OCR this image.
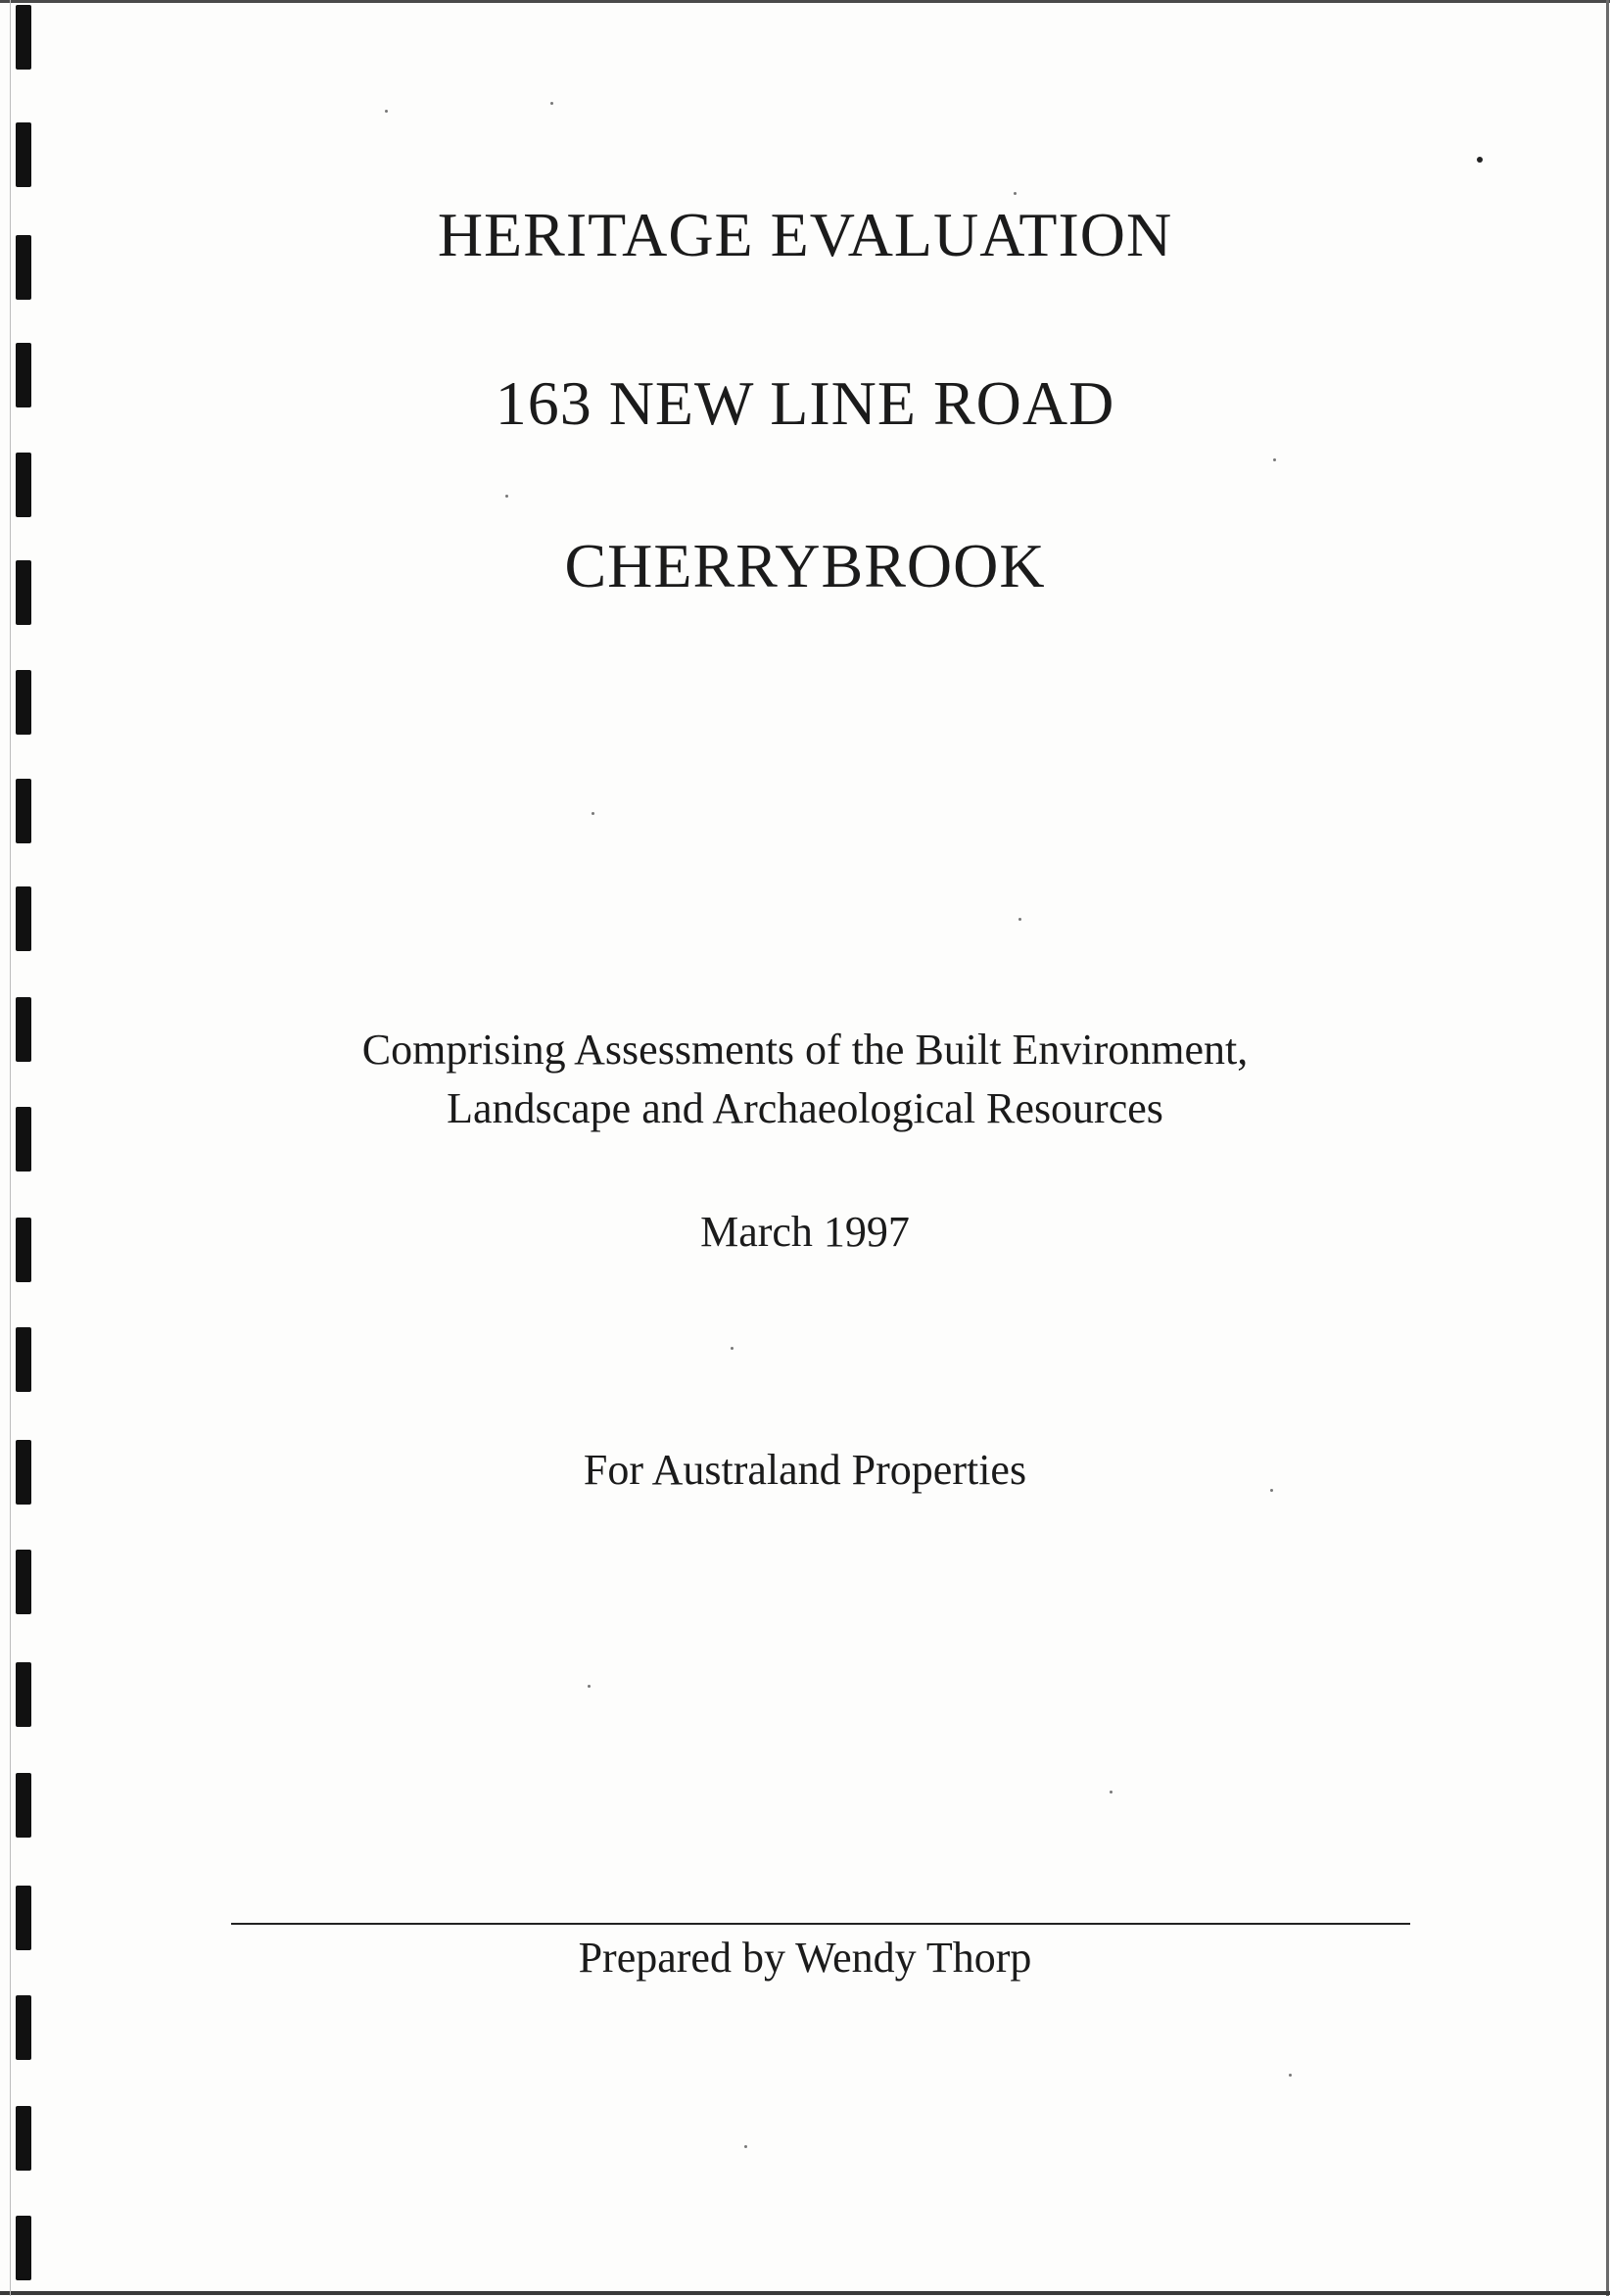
HERITAGE EVALUATION
163 NEW LINE ROAD
CHERRYBROOK
Comprising Assessments of the Built Environment,
Landscape and Archaeological Resources
March 1997
For Australand Properties
Prepared by Wendy Thorp
